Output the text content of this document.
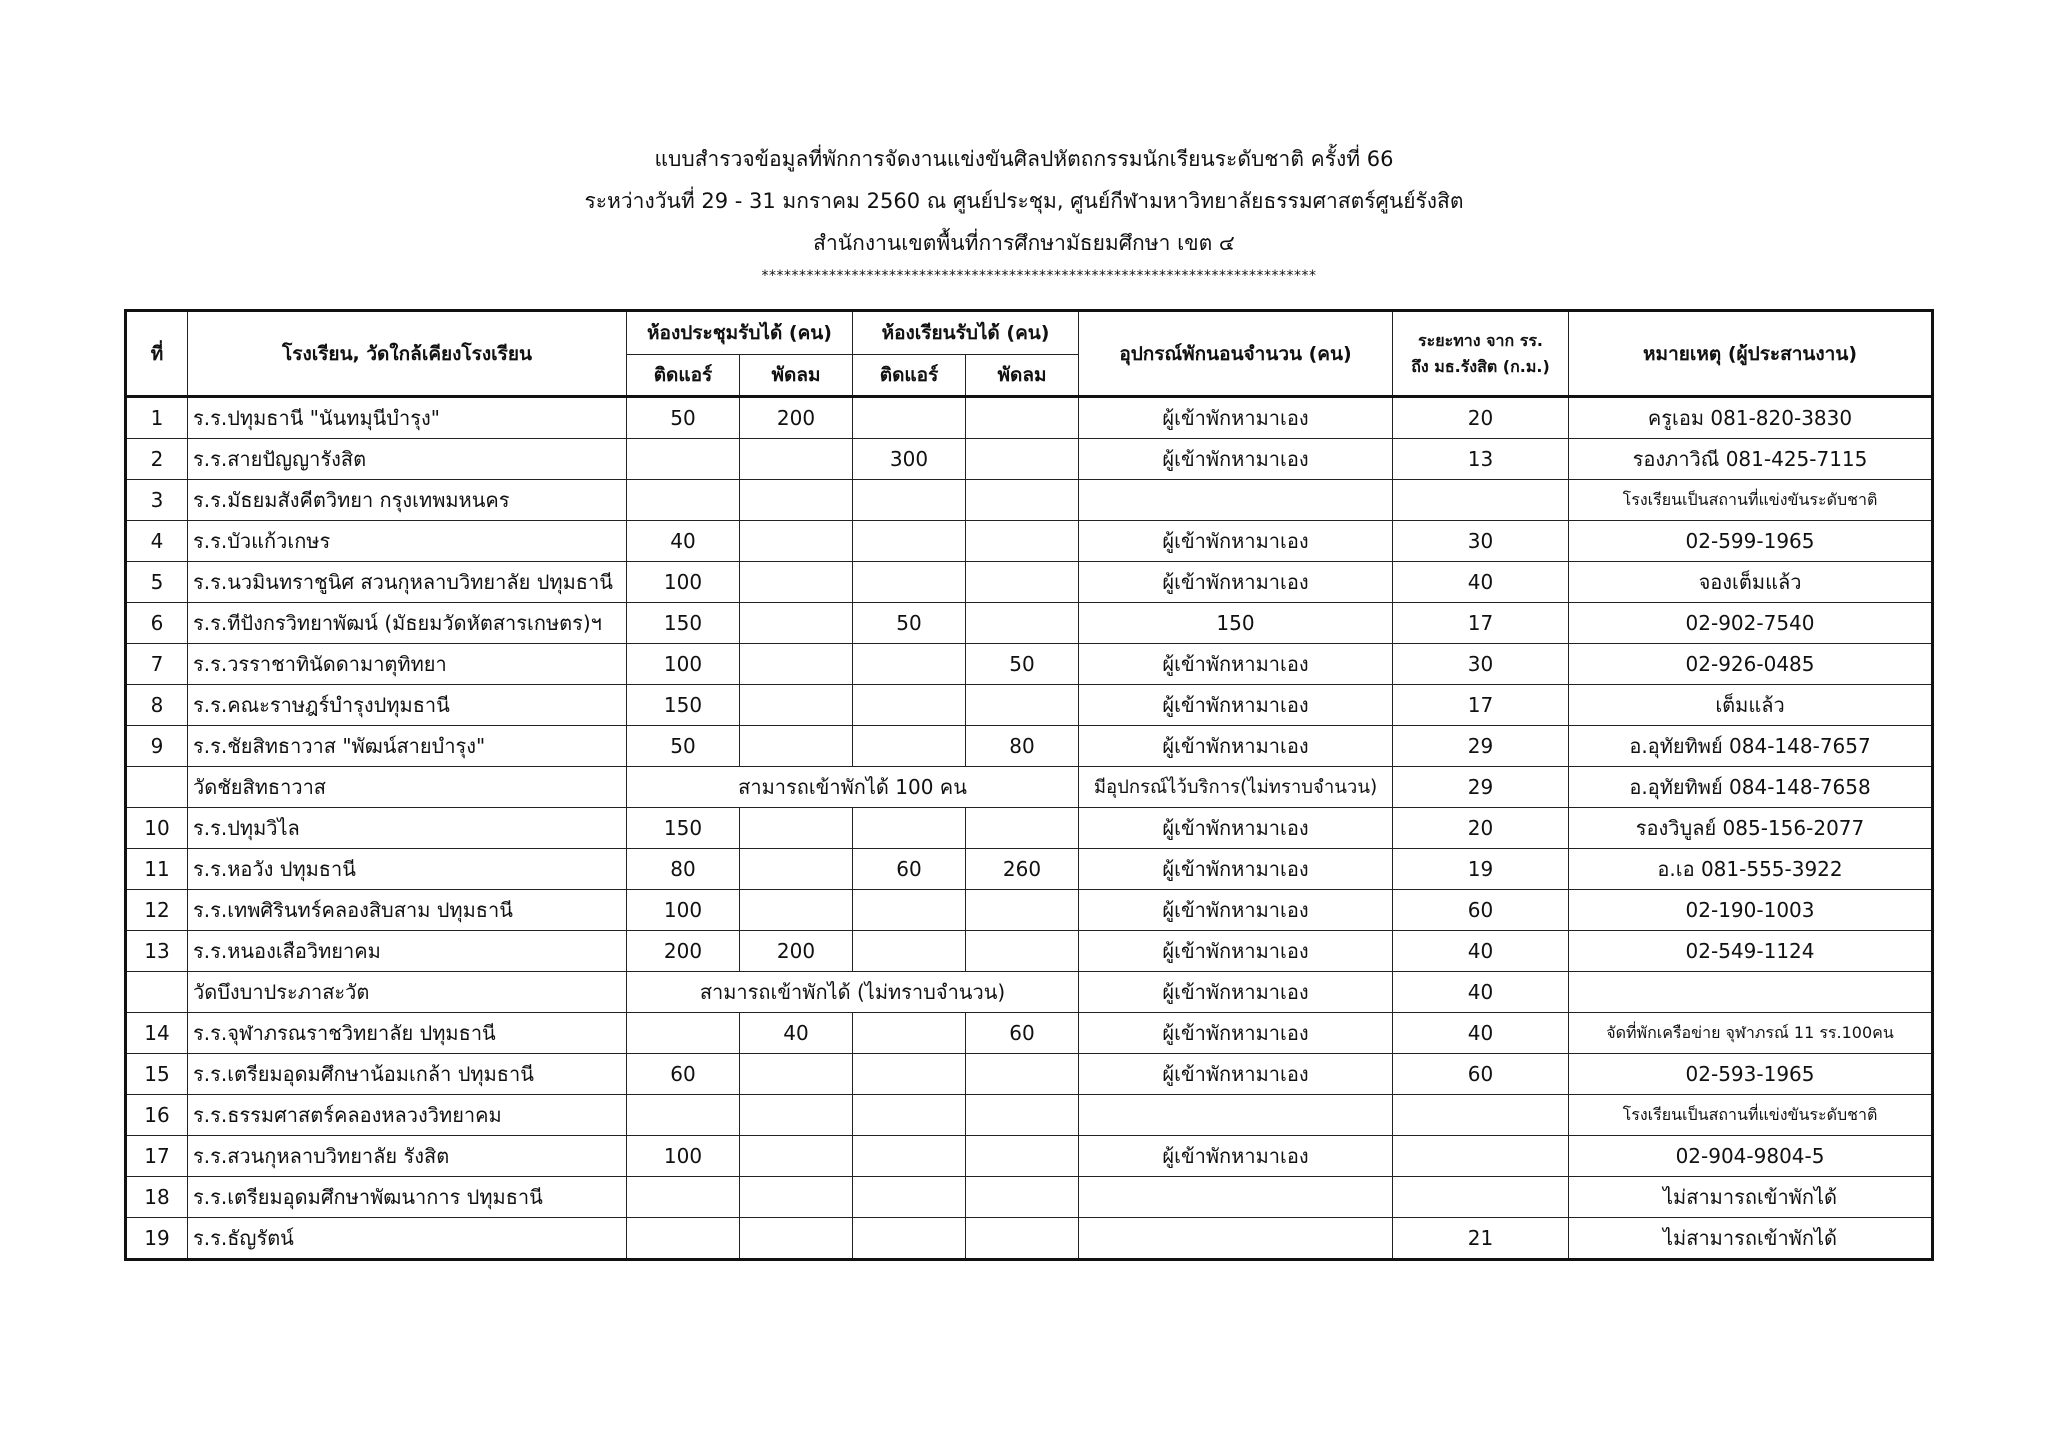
แบบสำรวจข้อมูลที่พักการจัดงานแข่งขันศิลปหัตถกรรมนักเรียนระดับชาติ ครั้งที่ 66
ระหว่างวันที่ 29 - 31 มกราคม 2560 ณ ศูนย์ประชุม, ศูนย์กีฬามหาวิทยาลัยธรรมศาสตร์ศูนย์รังสิต
สำนักงานเขตพื้นที่การศึกษามัธยมศึกษา เขต ๔
**************************************************************************
ที่	โรงเรียน, วัดใกล้เคียงโรงเรียน	ห้องประชุมรับได้ (คน)		ห้องเรียนรับได้ (คน)		อุปกรณ์พักนอนจำนวน (คน)	ระยะทาง จาก รร.
ถึง มธ.รังสิต (ก.ม.)	หมายเหตุ (ผู้ประสานงาน)
		ติดแอร์	พัดลม	ติดแอร์	พัดลม			
1	ร.ร.ปทุมธานี "นันทมุนีบำรุง"	50	200			ผู้เข้าพักหามาเอง	20	ครูเอม 081-820-3830
2	ร.ร.สายปัญญารังสิต			300		ผู้เข้าพักหามาเอง	13	รองภาวิณี 081-425-7115
3	ร.ร.มัธยมสังคีตวิทยา กรุงเทพมหนคร							โรงเรียนเป็นสถานที่แข่งขันระดับชาติ
4	ร.ร.บัวแก้วเกษร	40				ผู้เข้าพักหามาเอง	30	02-599-1965
5	ร.ร.นวมินทราชูนิศ สวนกุหลาบวิทยาลัย ปทุมธานี	100				ผู้เข้าพักหามาเอง	40	จองเต็มแล้ว
6	ร.ร.ทีปังกรวิทยาพัฒน์ (มัธยมวัดหัตสารเกษตร)ฯ	150		50		150	17	02-902-7540
7	ร.ร.วรราชาทินัดดามาตุทิทยา	100			50	ผู้เข้าพักหามาเอง	30	02-926-0485
8	ร.ร.คณะราษฎร์บำรุงปทุมธานี	150				ผู้เข้าพักหามาเอง	17	เต็มแล้ว
9	ร.ร.ชัยสิทธาวาส "พัฒน์สายบำรุง"	50			80	ผู้เข้าพักหามาเอง	29	อ.อุทัยทิพย์ 084-148-7657
	วัดชัยสิทธาวาส	สามารถเข้าพักได้ 100 คน				มีอุปกรณ์ไว้บริการ(ไม่ทราบจำนวน)	29	อ.อุทัยทิพย์ 084-148-7658
10	ร.ร.ปทุมวิไล	150				ผู้เข้าพักหามาเอง	20	รองวิบูลย์ 085-156-2077
11	ร.ร.หอวัง ปทุมธานี	80		60	260	ผู้เข้าพักหามาเอง	19	อ.เอ 081-555-3922
12	ร.ร.เทพศิรินทร์คลองสิบสาม ปทุมธานี	100				ผู้เข้าพักหามาเอง	60	02-190-1003
13	ร.ร.หนองเสือวิทยาคม	200	200			ผู้เข้าพักหามาเอง	40	02-549-1124
	วัดบึงบาประภาสะวัต	สามารถเข้าพักได้ (ไม่ทราบจำนวน)				ผู้เข้าพักหามาเอง	40	
14	ร.ร.จุฬาภรณราชวิทยาลัย ปทุมธานี		40		60	ผู้เข้าพักหามาเอง	40	จัดที่พักเครือข่าย จุฬาภรณ์ 11 รร.100คน
15	ร.ร.เตรียมอุดมศึกษาน้อมเกล้า ปทุมธานี	60				ผู้เข้าพักหามาเอง	60	02-593-1965
16	ร.ร.ธรรมศาสตร์คลองหลวงวิทยาคม							โรงเรียนเป็นสถานที่แข่งขันระดับชาติ
17	ร.ร.สวนกุหลาบวิทยาลัย รังสิต	100				ผู้เข้าพักหามาเอง		02-904-9804-5
18	ร.ร.เตรียมอุดมศึกษาพัฒนาการ ปทุมธานี							ไม่สามารถเข้าพักได้
19	ร.ร.ธัญรัตน์						21	ไม่สามารถเข้าพักได้
